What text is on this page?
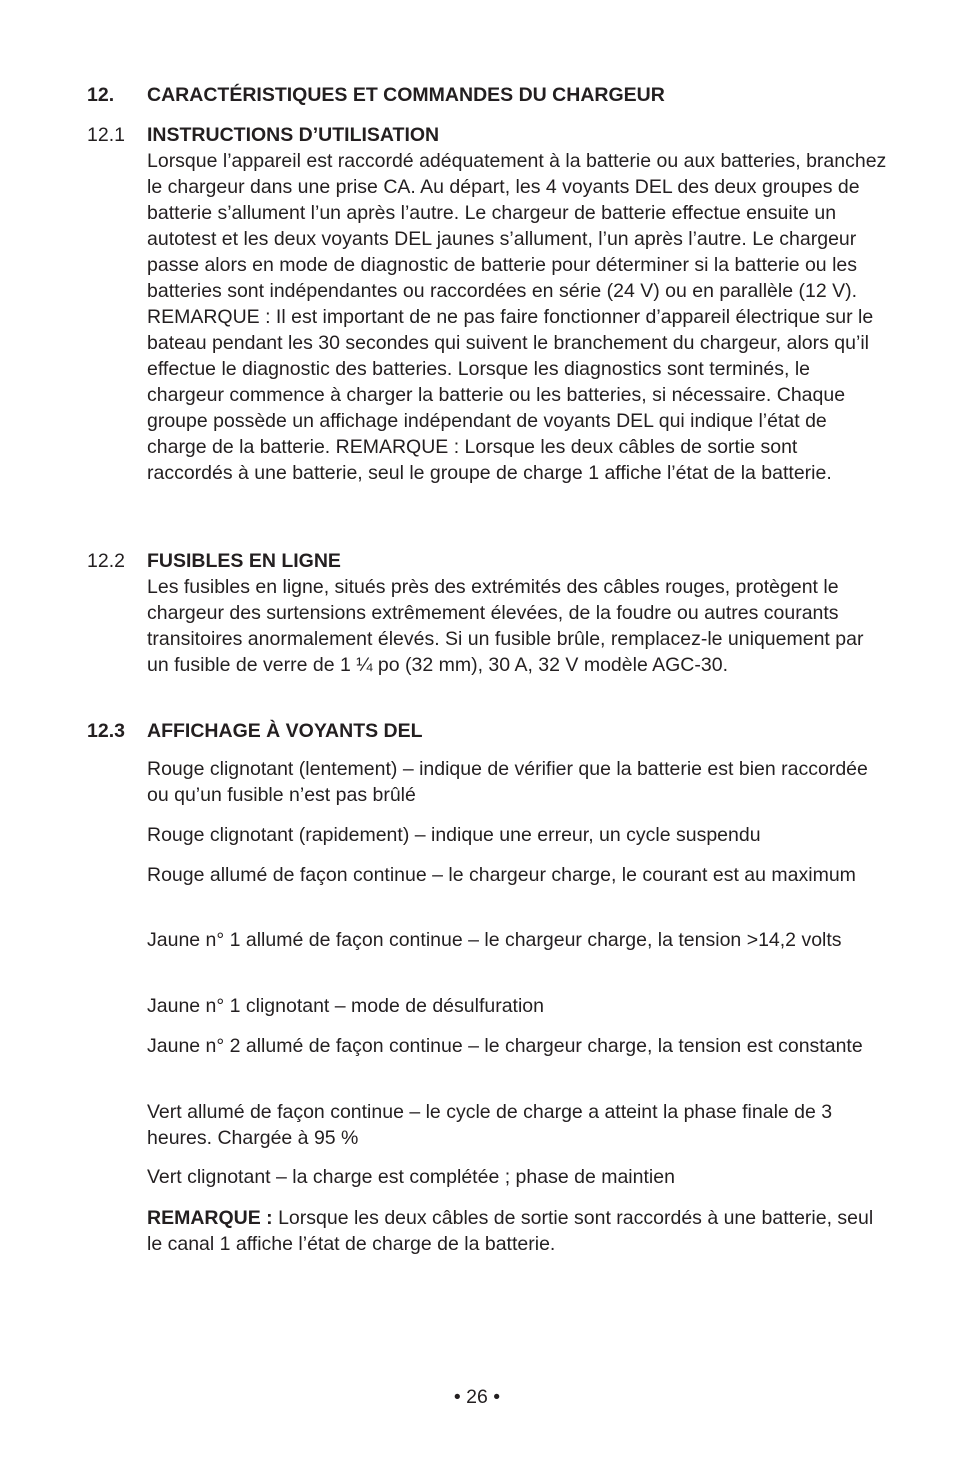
12. CARACTÉRISTIQUES ET COMMANDES DU CHARGEUR
12.1 INSTRUCTIONS D’UTILISATION

Lorsque l’appareil est raccordé adéquatement à la batterie ou aux batteries, branchez le chargeur dans une prise CA. Au départ, les 4 voyants DEL des deux groupes de batterie s’allument l’un après l’autre. Le chargeur de batterie effectue ensuite un autotest et les deux voyants DEL jaunes s’allument, l’un après l’autre. Le chargeur passe alors en mode de diagnostic de batterie pour déterminer si la batterie ou les batteries sont indépendantes ou raccordées en série (24 V) ou en parallèle (12 V). REMARQUE : Il est important de ne pas faire fonctionner d’appareil électrique sur le bateau pendant les 30 secondes qui suivent le branchement du chargeur, alors qu’il effectue le diagnostic des batteries. Lorsque les diagnostics sont terminés, le chargeur commence à charger la batterie ou les batteries, si nécessaire. Chaque groupe possède un affichage indépendant de voyants DEL qui indique l’état de charge de la batterie. REMARQUE : Lorsque les deux câbles de sortie sont raccordés à une batterie, seul le groupe de charge 1 affiche l’état de la batterie.

12.2 FUSIBLES EN LIGNE

Les fusibles en ligne, situés près des extrémités des câbles rouges, protègent le chargeur des surtensions extrêmement élevées, de la foudre ou autres courants transitoires anormalement élevés. Si un fusible brûle, remplacez-le uniquement par un fusible de verre de 1 ¼ po (32 mm), 30 A, 32 V modèle AGC-30.

12.3 AFFICHAGE À VOYANTS DEL

Rouge clignotant (lentement) – indique de vérifier que la batterie est bien raccordée ou qu’un fusible n’est pas brûlé

Rouge clignotant (rapidement) – indique une erreur, un cycle suspendu

Rouge allumé de façon continue – le chargeur charge, le courant est au maximum

Jaune n° 1 allumé de façon continue – le chargeur charge, la tension >14,2 volts

Jaune n° 1 clignotant – mode de désulfuration

Jaune n° 2 allumé de façon continue – le chargeur charge, la tension est constante

Vert allumé de façon continue – le cycle de charge a atteint la phase finale de 3 heures. Chargée à 95 %

Vert clignotant – la charge est complétée ; phase de maintien

REMARQUE : Lorsque les deux câbles de sortie sont raccordés à une batterie, seul le canal 1 affiche l’état de charge de la batterie.

• 26 •
